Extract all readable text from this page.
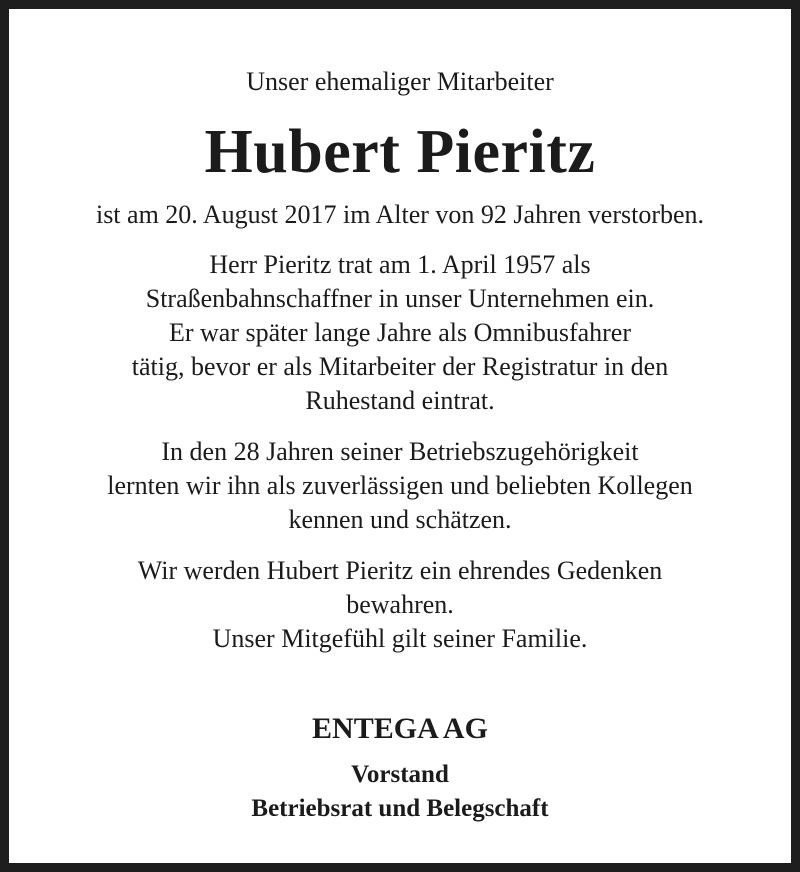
Unser ehemaliger Mitarbeiter
Hubert Pieritz
ist am 20. August 2017 im Alter von 92 Jahren verstorben.
Herr Pieritz trat am 1. April 1957 als
Straßenbahnschaffner in unser Unternehmen ein.
Er war später lange Jahre als Omnibusfahrer
tätig, bevor er als Mitarbeiter der Registratur in den
Ruhestand eintrat.
In den 28 Jahren seiner Betriebszugehörigkeit
lernten wir ihn als zuverlässigen und beliebten Kollegen
kennen und schätzen.
Wir werden Hubert Pieritz ein ehrendes Gedenken
bewahren.
Unser Mitgefühl gilt seiner Familie.
ENTEGA AG
Vorstand
Betriebsrat und Belegschaft
